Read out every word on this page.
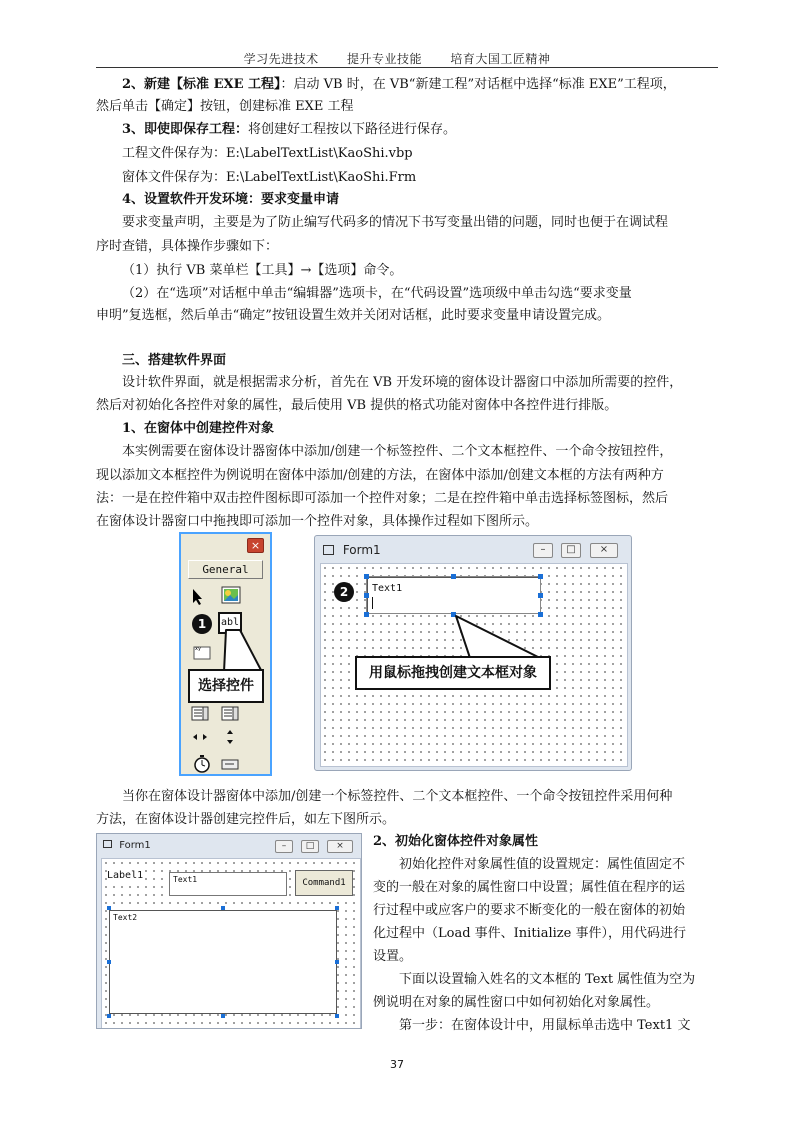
学习先进技术 提升专业技能 培育大国工匠精神
2、新建【标准 EXE 工程】：启动 VB 时，在 VB“新建工程”对话框中选择“标准 EXE”工程项，
然后单击【确定】按钮，创建标准 EXE 工程
3、即使即保存工程：将创建好工程按以下路径进行保存。
工程文件保存为：E:\LabelTextList\KaoShi.vbp
窗体文件保存为：E:\LabelTextList\KaoShi.Frm
4、设置软件开发环境：要求变量申请
要求变量声明，主要是为了防止编写代码多的情况下书写变量出错的问题，同时也便于在调试程
序时查错，具体操作步骤如下：
（1）执行 VB 菜单栏【工具】→【选项】命令。
（2）在“选项”对话框中单击“编辑器”选项卡，在“代码设置”选项级中单击勾选“要求变量
申明”复选框，然后单击“确定”按钮设置生效并关闭对话框，此时要求变量申请设置完成。
三、搭建软件界面
设计软件界面，就是根据需求分析，首先在 VB 开发环境的窗体设计器窗口中添加所需要的控件，
然后对初始化各控件对象的属性，最后使用 VB 提供的格式功能对窗体中各控件进行排版。
1、在窗体中创建控件对象
本实例需要在窗体设计器窗体中添加/创建一个标签控件、二个文本框控件、一个命令按钮控件，
现以添加文本框控件为例说明在窗体中添加/创建的方法，在窗体中添加/创建文本框的方法有两种方
法：一是在控件箱中双击控件图标即可添加一个控件对象；二是在控件箱中单击选择标签图标，然后
在窗体设计器窗口中拖拽即可添加一个控件对象，具体操作过程如下图所示。
×
General
1	abl
xy
选择控件
Form1	–	□	×
Text1
2
用鼠标拖拽创建文本框对象
当你在窗体设计器窗体中添加/创建一个标签控件、二个文本框控件、一个命令按钮控件采用何种
方法，在窗体设计器创建完控件后，如左下图所示。
Form1	–	□	×
Label1	Text1	Command1
Text2
2、初始化窗体控件对象属性
初始化控件对象属性值的设置规定：属性值固定不
变的一般在对象的属性窗口中设置；属性值在程序的运
行过程中或应客户的要求不断变化的一般在窗体的初始
化过程中（Load 事件、Initialize 事件），用代码进行
设置。
下面以设置输入姓名的文本框的 Text 属性值为空为
例说明在对象的属性窗口中如何初始化对象属性。
第一步：在窗体设计中，用鼠标单击选中 Text1 文
37
